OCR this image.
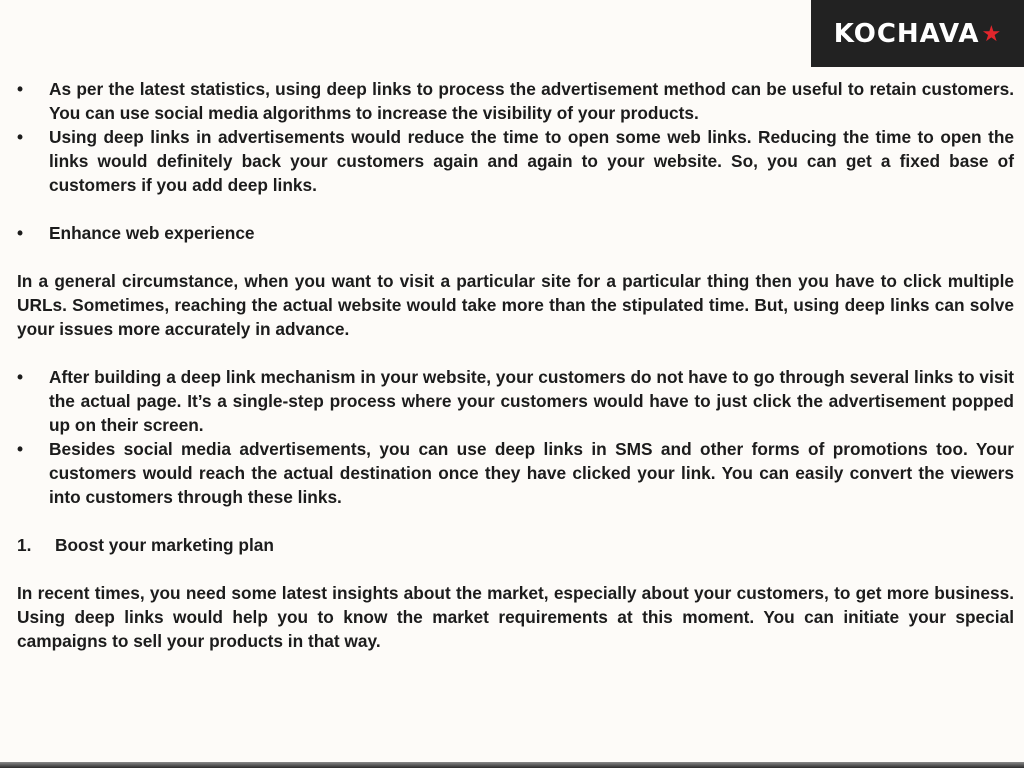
KOCHAVA ★
•	As per the latest statistics, using deep links to process the advertisement method can be useful to retain customers. You can use social media algorithms to increase the visibility of your products.
•	Using deep links in advertisements would reduce the time to open some web links. Reducing the time to open the links would definitely back your customers again and again to your website. So, you can get a fixed base of customers if you add deep links.
•	Enhance web experience
In a general circumstance, when you want to visit a particular site for a particular thing then you have to click multiple URLs. Sometimes, reaching the actual website would take more than the stipulated time. But, using deep links can solve your issues more accurately in advance.
•	After building a deep link mechanism in your website, your customers do not have to go through several links to visit the actual page. It’s a single-step process where your customers would have to just click the advertisement popped up on their screen.
•	Besides social media advertisements, you can use deep links in SMS and other forms of promotions too. Your customers would reach the actual destination once they have clicked your link. You can easily convert the viewers into customers through these links.
1.	Boost your marketing plan
In recent times, you need some latest insights about the market, especially about your customers, to get more business. Using deep links would help you to know the market requirements at this moment. You can initiate your special campaigns to sell your products in that way.
